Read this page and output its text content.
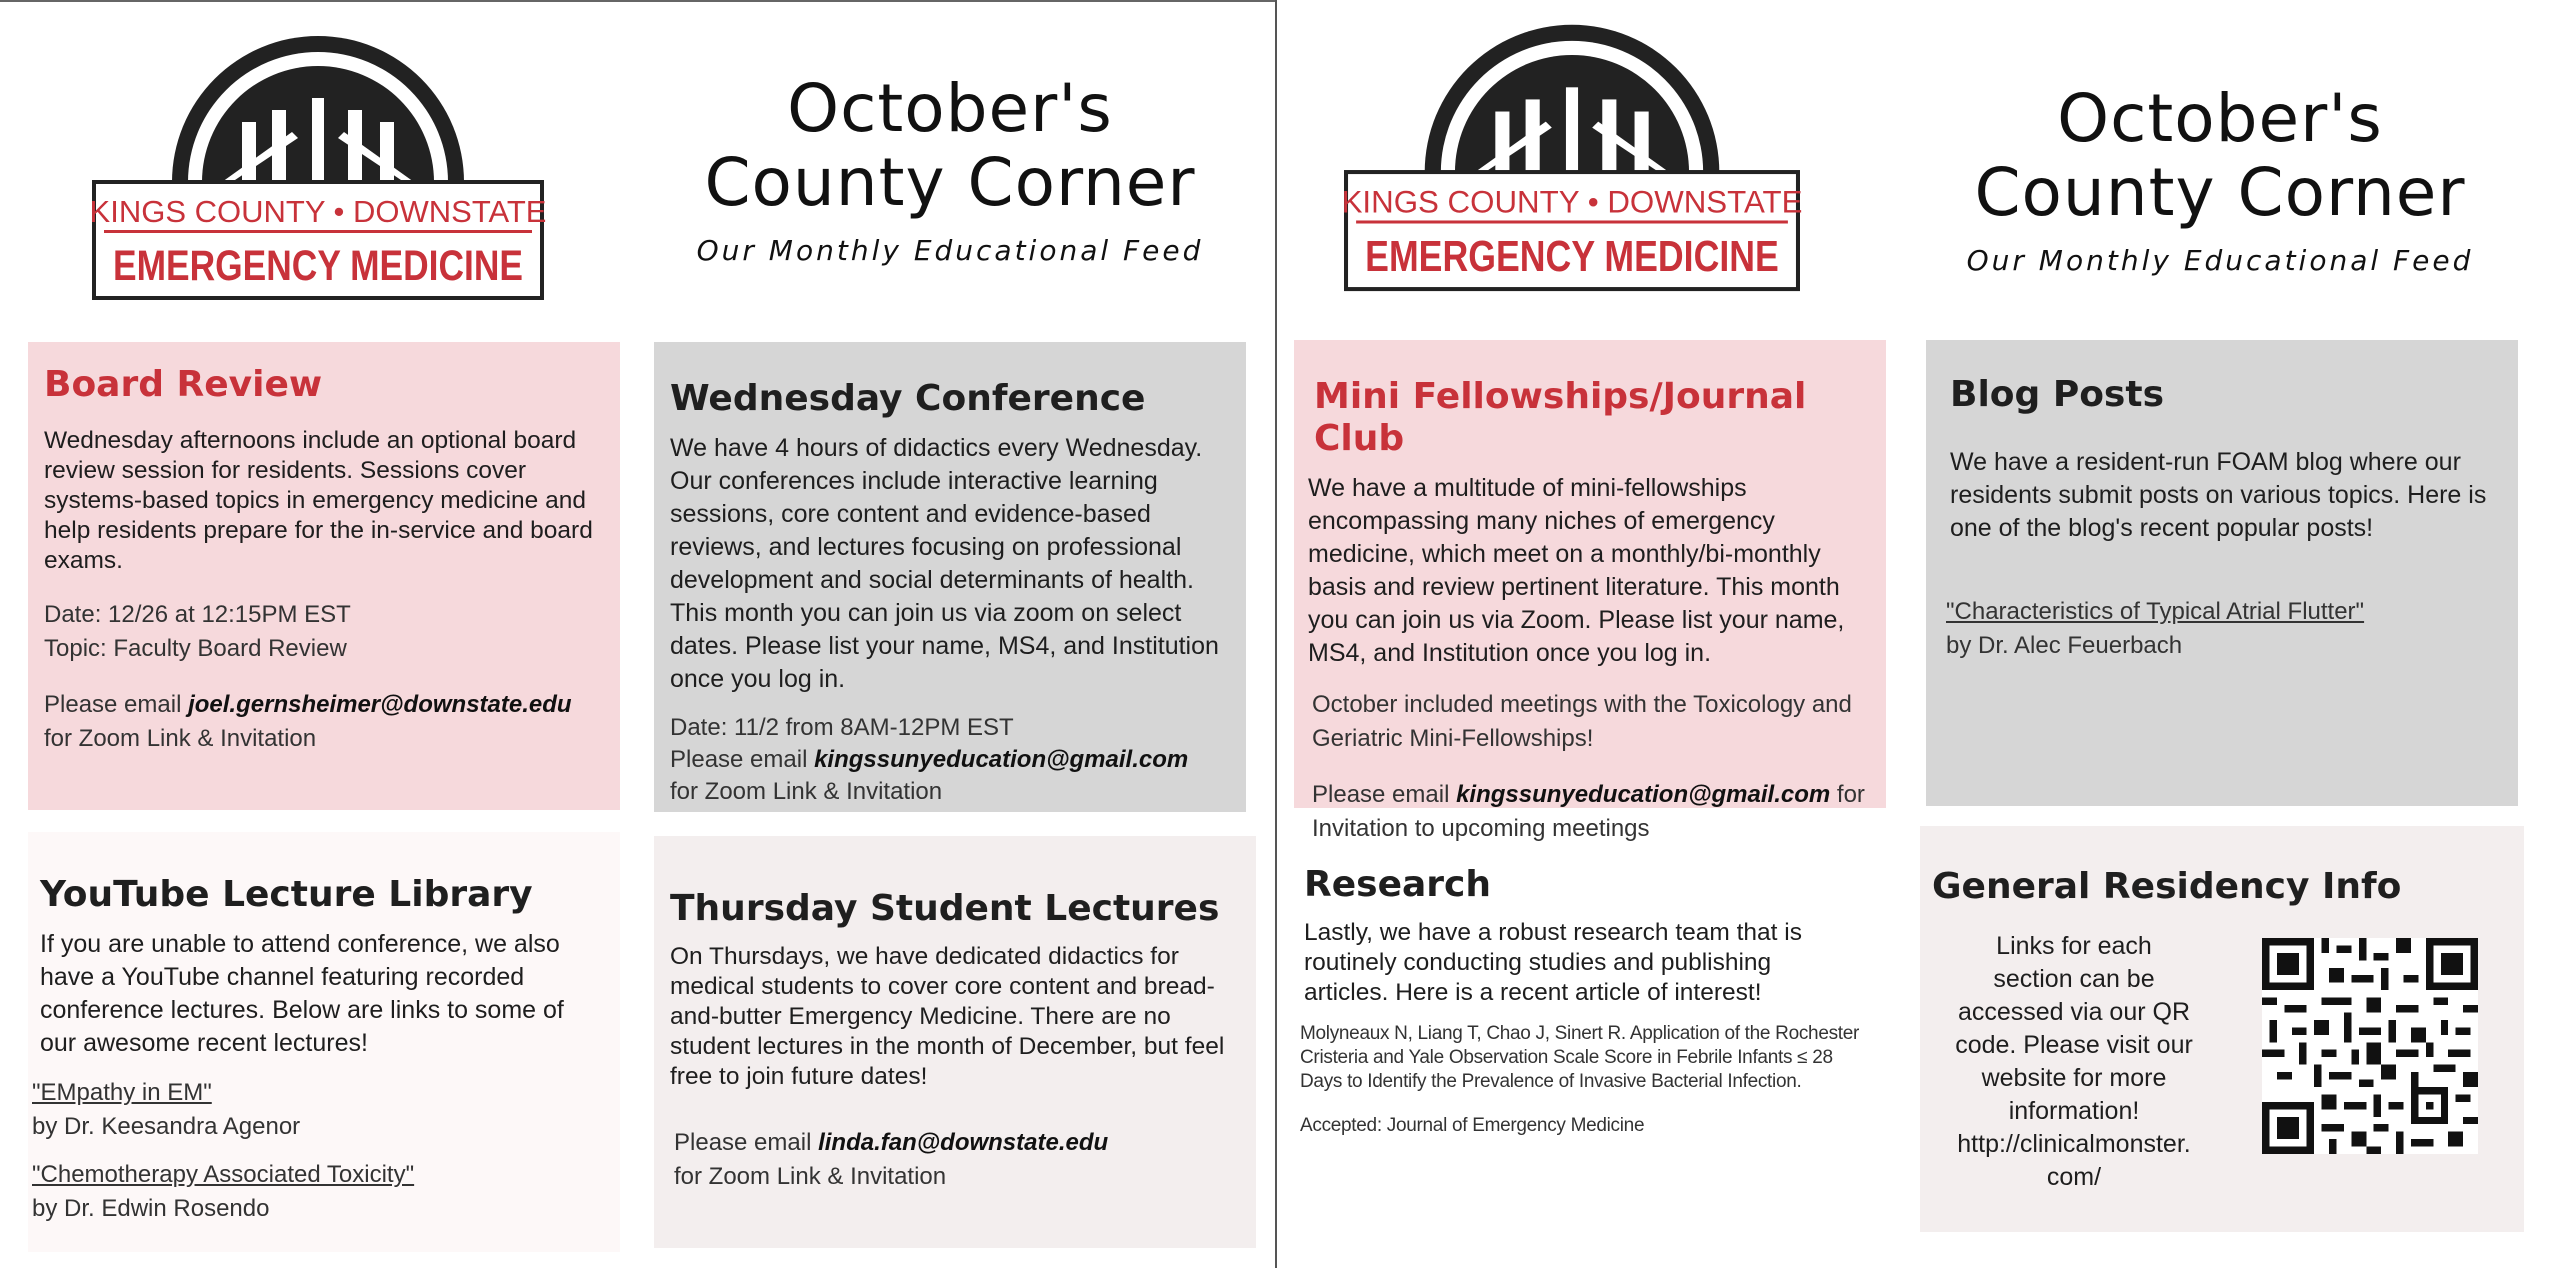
KINGS COUNTY • DOWNSTATE
EMERGENCY MEDICINE
October's
County Corner
Our Monthly Educational Feed
Board Review
Wednesday afternoons include an optional board review session for residents. Sessions cover systems-based topics in emergency medicine and help residents prepare for the in-service and board exams.
Date: 12/26 at 12:15PM EST
Topic: Faculty Board Review
Please email joel.gernsheimer@downstate.edu
for Zoom Link & Invitation
Wednesday Conference
We have 4 hours of didactics every Wednesday. Our conferences include interactive learning sessions, core content and evidence-based reviews, and lectures focusing on professional development and social determinants of health. This month you can join us via zoom on select dates. Please list your name, MS4, and Institution once you log in.
Date: 11/2 from 8AM-12PM EST
Please email kingssunyeducation@gmail.com
for Zoom Link & Invitation
YouTube Lecture Library
If you are unable to attend conference, we also have a YouTube channel featuring recorded conference lectures. Below are links to some of our awesome recent lectures!
"EMpathy in EM"
by Dr. Keesandra Agenor
"Chemotherapy Associated Toxicity"
by Dr. Edwin Rosendo
Thursday Student Lectures
On Thursdays, we have dedicated didactics for medical students to cover core content and bread-and-butter Emergency Medicine. There are no student lectures in the month of December, but feel free to join future dates!
Please email linda.fan@downstate.edu
for Zoom Link & Invitation
KINGS COUNTY • DOWNSTATE
EMERGENCY MEDICINE
October's
County Corner
Our Monthly Educational Feed
Mini Fellowships/Journal Club
We have a multitude of mini-fellowships encompassing many niches of emergency medicine, which meet on a monthly/bi-monthly basis and review pertinent literature. This month you can join us via Zoom. Please list your name, MS4, and Institution once you log in.
October included meetings with the Toxicology and Geriatric Mini-Fellowships!
Please email kingssunyeducation@gmail.com for Invitation to upcoming meetings
Blog Posts
We have a resident-run FOAM blog where our residents submit posts on various topics. Here is one of the blog's recent popular posts!
"Characteristics of Typical Atrial Flutter"
by Dr. Alec Feuerbach
Research
Lastly, we have a robust research team that is routinely conducting studies and publishing articles. Here is a recent article of interest!
Molyneaux N, Liang T, Chao J, Sinert R. Application of the Rochester Cristeria and Yale Observation Scale Score in Febrile Infants ≤ 28 Days to Identify the Prevalence of Invasive Bacterial Infection.
Accepted: Journal of Emergency Medicine
General Residency Info
Links for each section can be accessed via our QR code. Please visit our website for more information! http://clinicalmonster.com/
